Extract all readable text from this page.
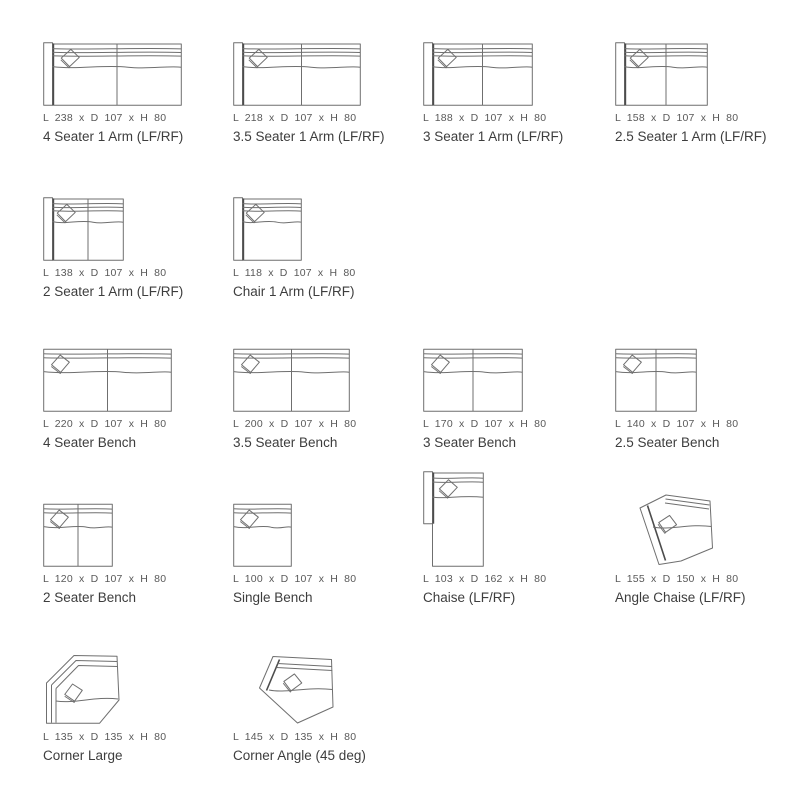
L 238 x D 107 x H 80
4 Seater 1 Arm (LF/RF)
L 218 x D 107 x H 80
3.5 Seater 1 Arm (LF/RF)
L 188 x D 107 x H 80
3 Seater 1 Arm (LF/RF)
L 158 x D 107 x H 80
2.5 Seater 1 Arm (LF/RF)
L 138 x D 107 x H 80
2 Seater 1 Arm (LF/RF)
L 118 x D 107 x H 80
Chair 1 Arm (LF/RF)
L 220 x D 107 x H 80
4 Seater Bench
L 200 x D 107 x H 80
3.5 Seater Bench
L 170 x D 107 x H 80
3 Seater Bench
L 140 x D 107 x H 80
2.5 Seater Bench
L 120 x D 107 x H 80
2 Seater Bench
L 100 x D 107 x H 80
Single Bench
L 103 x D 162 x H 80
Chaise (LF/RF)
L 155 x D 150 x H 80
Angle Chaise (LF/RF)
L 135 x D 135 x H 80
Corner Large
L 145 x D 135 x H 80
Corner Angle (45 deg)
